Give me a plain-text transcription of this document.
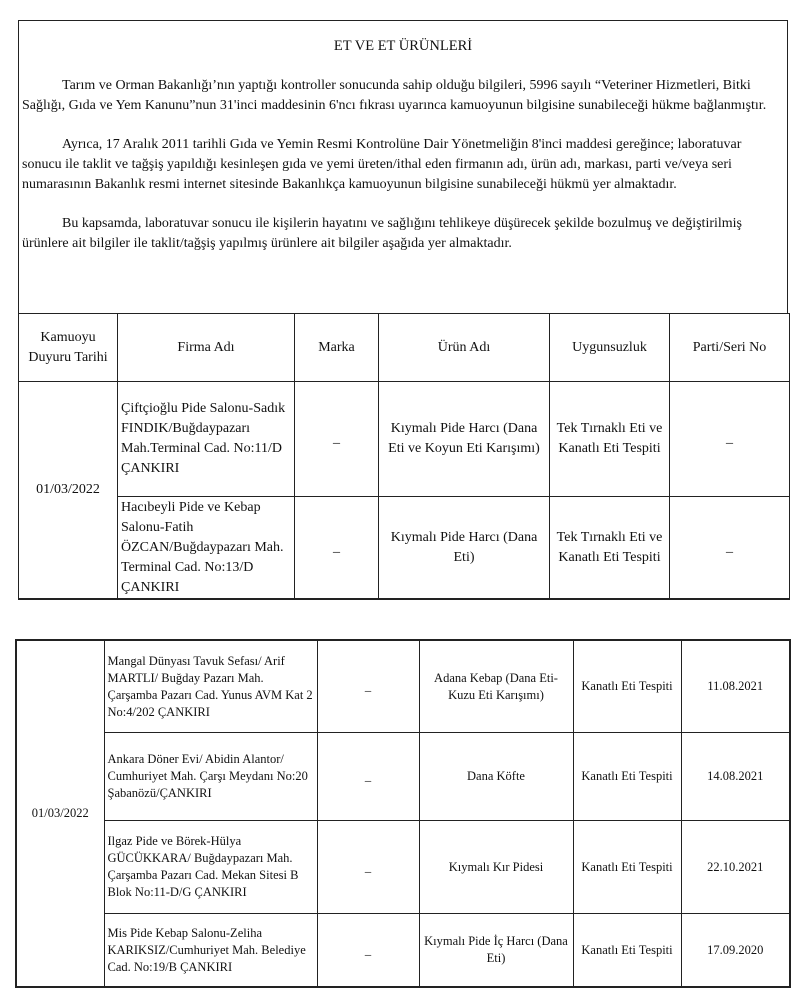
ET VE ET ÜRÜNLERİ

Tarım ve Orman Bakanlığı’nın yaptığı kontroller sonucunda sahip olduğu bilgileri, 5996 sayılı “Veteriner Hizmetleri, Bitki Sağlığı, Gıda ve Yem Kanunu”nun 31'inci maddesinin 6'ncı fıkrası uyarınca kamuoyunun bilgisine sunabileceği hükme bağlanmıştır.

Ayrıca, 17 Aralık 2011 tarihli Gıda ve Yemin Resmi Kontrolüne Dair Yönetmeliğin 8'inci maddesi gereğince; laboratuvar sonucu ile taklit ve tağşiş yapıldığı kesinleşen gıda ve yemi üreten/ithal eden firmanın adı, ürün adı, markası, parti ve/veya seri numarasının Bakanlık resmi internet sitesinde Bakanlıkça kamuoyunun bilgisine sunabileceği hükmü yer almaktadır.

Bu kapsamda, laboratuvar sonucu ile kişilerin hayatını ve sağlığını tehlikeye düşürecek şekilde bozulmuş ve değiştirilmiş ürünlere ait bilgiler ile taklit/tağşiş yapılmış ürünlere ait bilgiler aşağıda yer almaktadır.

Kamuoyu Duyuru Tarihi	Firma Adı	Marka	Ürün Adı	Uygunsuzluk	Parti/Seri No
01/03/2022	Çiftçioğlu Pide Salonu-Sadık FINDIK/Buğdaypazarı Mah.Terminal Cad. No:11/D ÇANKIRI	_	Kıymalı Pide Harcı (Dana Eti ve Koyun Eti Karışımı)	Tek Tırnaklı Eti ve Kanatlı Eti Tespiti	_
	Hacıbeyli Pide ve Kebap Salonu-Fatih ÖZCAN/Buğdaypazarı Mah. Terminal Cad. No:13/D ÇANKIRI	_	Kıymalı Pide Harcı (Dana Eti)	Tek Tırnaklı Eti ve Kanatlı Eti Tespiti	_
01/03/2022	Mangal Dünyası Tavuk Sefası/ Arif MARTLI/ Buğday Pazarı Mah. Çarşamba Pazarı Cad. Yunus AVM Kat 2 No:4/202 ÇANKIRI	_	Adana Kebap (Dana Eti-Kuzu Eti Karışımı)	Kanatlı Eti Tespiti	11.08.2021
	Ankara Döner Evi/ Abidin Alantor/ Cumhuriyet Mah. Çarşı Meydanı No:20 Şabanözü/ÇANKIRI	_	Dana Köfte	Kanatlı Eti Tespiti	14.08.2021
	Ilgaz Pide ve Börek-Hülya GÜCÜKKARA/ Buğdaypazarı Mah. Çarşamba Pazarı Cad. Mekan Sitesi B Blok No:11-D/G ÇANKIRI	_	Kıymalı Kır Pidesi	Kanatlı Eti Tespiti	22.10.2021
	Mis Pide Kebap Salonu-Zeliha KARIKSIZ/Cumhuriyet Mah. Belediye Cad. No:19/B ÇANKIRI	_	Kıymalı Pide İç Harcı (Dana Eti)	Kanatlı Eti Tespiti	17.09.2020
